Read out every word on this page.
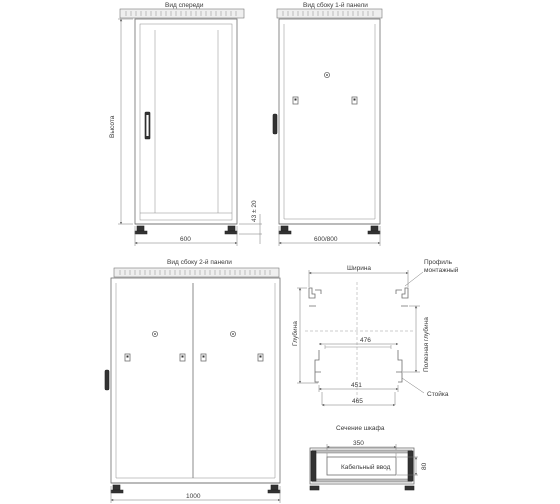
Вид спереди
Высота
600
43 ± 20
Вид сбоку 1-й панели
600/800
Вид сбоку 2-й панели
1000
Ширина
476
Глубина	Полезная глубина
Профиль монтажный
451
465
Стойка
Сечение шкафа
350
Кабельный ввод	80
